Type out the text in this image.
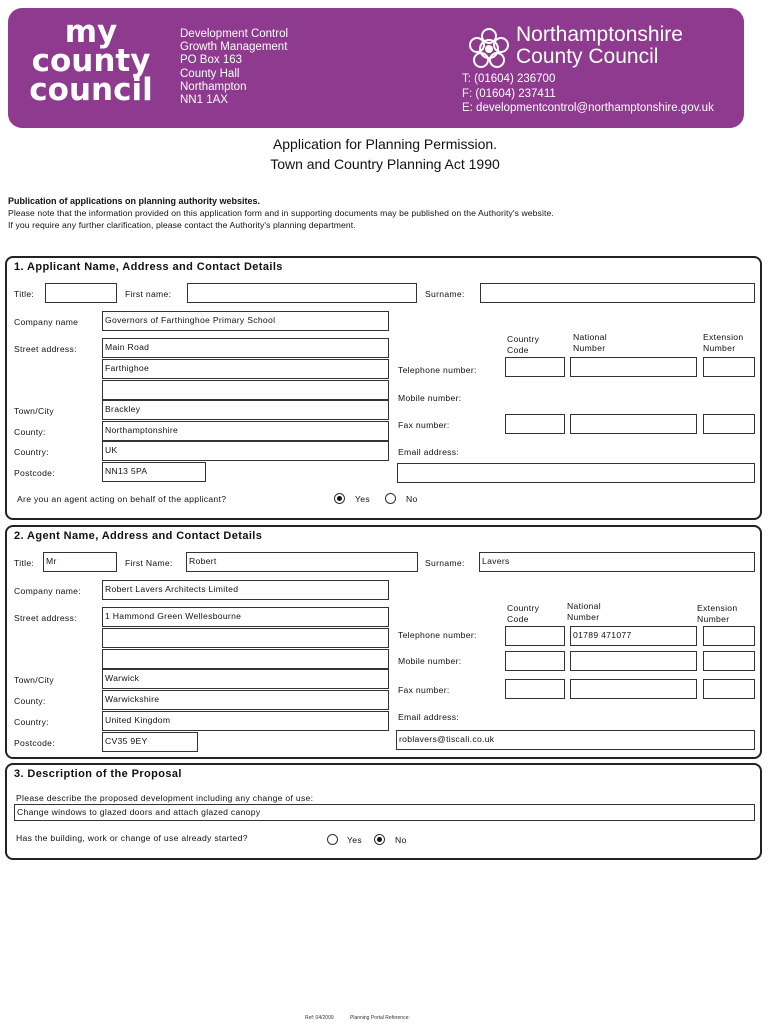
my
county
council
Development Control
Growth Management
PO Box 163
County Hall
Northampton
NN1 1AX
Northamptonshire
County Council
T: (01604) 236700
F: (01604) 237411
E: developmentcontrol@northamptonshire.gov.uk
Application for Planning Permission.
Town and Country Planning Act 1990
Publication of applications on planning authority websites.
Please note that the information provided on this application form and in supporting documents may be published on the Authority's website.
If you require any further clarification, please contact the Authority's planning department.
1. Applicant Name, Address and Contact Details
Title:	First name:	Surname:
Company name	Governors of Farthinghoe Primary School
Street address:	Main Road
Farthighoe
Town/City	Brackley
County:	Northamptonshire
Country:	UK
Postcode:	NN13 5PA
Country Code
National Number
Extension Number
Telephone number:
Mobile number:
Fax number:
Email address:
Are you an agent acting on behalf of the applicant?	Yes	No
2. Agent Name, Address and Contact Details
Title:	Mr	First Name:	Robert	Surname:	Lavers
Company name:	Robert Lavers Architects Limited
Street address:	1 Hammond Green Wellesbourne
Town/City	Warwick
County:	Warwickshire
Country:	United Kingdom
Postcode:	CV35 9EY
Country Code
National Number
Extension Number
Telephone number:	01789 471077
Mobile number:
Fax number:
Email address:
roblavers@tiscali.co.uk
3. Description of the Proposal
Please describe the proposed development including any change of use:
Change windows to glazed doors and attach glazed canopy
Has the building, work or change of use already started?	Yes	No
Ref: 04/2009	Planning Portal Reference:
